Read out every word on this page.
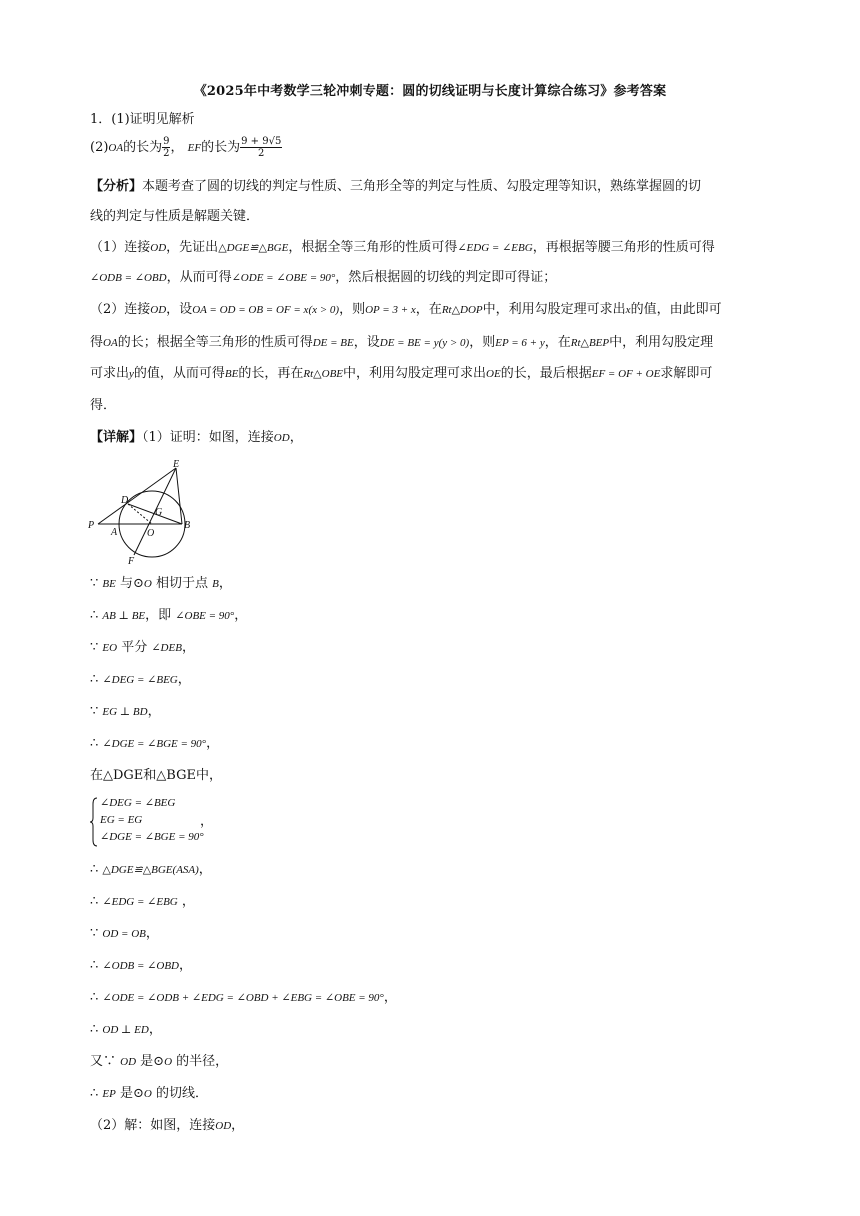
《2025年中考数学三轮冲刺专题：圆的切线证明与长度计算综合练习》参考答案
1．(1)证明见解析
(2)OA的长为 $\frac{9}{2}$ ， EF的长为 $\frac{9 + 9√5}{2}$
【分析】本题考查了圆的切线的判定与性质、三角形全等的判定与性质、勾股定理等知识，熟练掌握圆的切
线的判定与性质是解题关键．
（1）连接OD，先证出△DGE≌△BGE，根据全等三角形的性质可得∠EDG = ∠EBG，再根据等腰三角形的性质可得
∠ODB = ∠OBD，从而可得∠ODE = ∠OBE = 90°，然后根据圆的切线的判定即可得证；
（2）连接OD，设OA = OD = OB = OF = x(x > 0)，则OP = 3 + x，在Rt△DOP中，利用勾股定理可求出x的值，由此即可
得OA的长；根据全等三角形的性质可得DE = BE，设DE = BE = y(y > 0)，则EP = 6 + y，在Rt△BEP中，利用勾股定理
可求出y的值，从而可得BE的长，再在Rt△OBE中，利用勾股定理可求出OE的长，最后根据EF = OF + OE求解即可
得．
【详解】（1）证明：如图，连接OD，
E
D
G
B
P
A	O
F
∵ BE 与⊙O 相切于点 B，
∴ AB ⊥ BE，即 ∠OBE = 90°，
∵ EO 平分 ∠DEB，
∴ ∠DEG = ∠BEG，
∵ EG ⊥ BD，
∴ ∠DGE = ∠BGE = 90°，
在△DGE和△BGE中，
∠DEG = ∠BEG
EG = EG
∠DGE = ∠BGE = 90°
，
∴ △DGE≌△BGE(ASA)，
∴ ∠EDG = ∠EBG ，
∵ OD = OB，
∴ ∠ODB = ∠OBD，
∴ ∠ODE = ∠ODB + ∠EDG = ∠OBD + ∠EBG = ∠OBE = 90°，
∴ OD ⊥ ED，
又∵ OD 是⊙O 的半径，
∴ EP 是⊙O 的切线．
（2）解：如图，连接OD，
